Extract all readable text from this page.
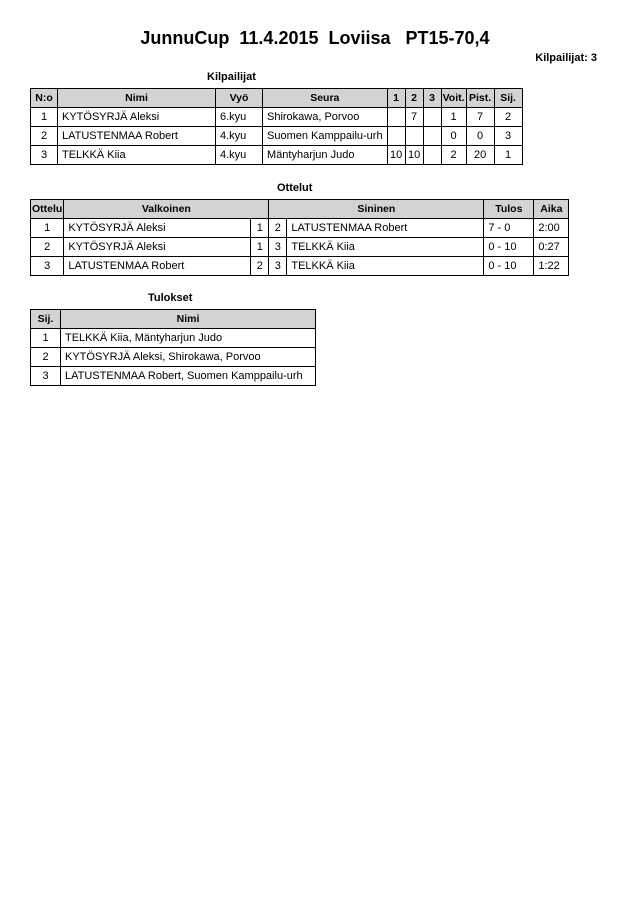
JunnuCup  11.4.2015  Loviisa   PT15-70,4
Kilpailijat: 3
Kilpailijat
N:o	Nimi	Vyö	Seura	1	2	3	Voit.	Pist.	Sij.
1	KYTÖSYRJÄ Aleksi	6.kyu	Shirokawa, Porvoo		7		1	7	2
2	LATUSTENMAA Robert	4.kyu	Suomen Kamppailu-urh				0	0	3
3	TELKKÄ Kiia	4.kyu	Mäntyharjun Judo	10	10		2	20	1
Ottelut
Ottelu	Valkoinen		Sininen		Tulos	Aika
1	KYTÖSYRJÄ Aleksi	1	2	LATUSTENMAA Robert	7 - 0	2:00
2	KYTÖSYRJÄ Aleksi	1	3	TELKKÄ Kiia	0 - 10	0:27
3	LATUSTENMAA Robert	2	3	TELKKÄ Kiia	0 - 10	1:22
Tulokset
Sij.	Nimi
1	TELKKÄ Kiia, Mäntyharjun Judo
2	KYTÖSYRJÄ Aleksi, Shirokawa, Porvoo
3	LATUSTENMAA Robert, Suomen Kamppailu-urh
